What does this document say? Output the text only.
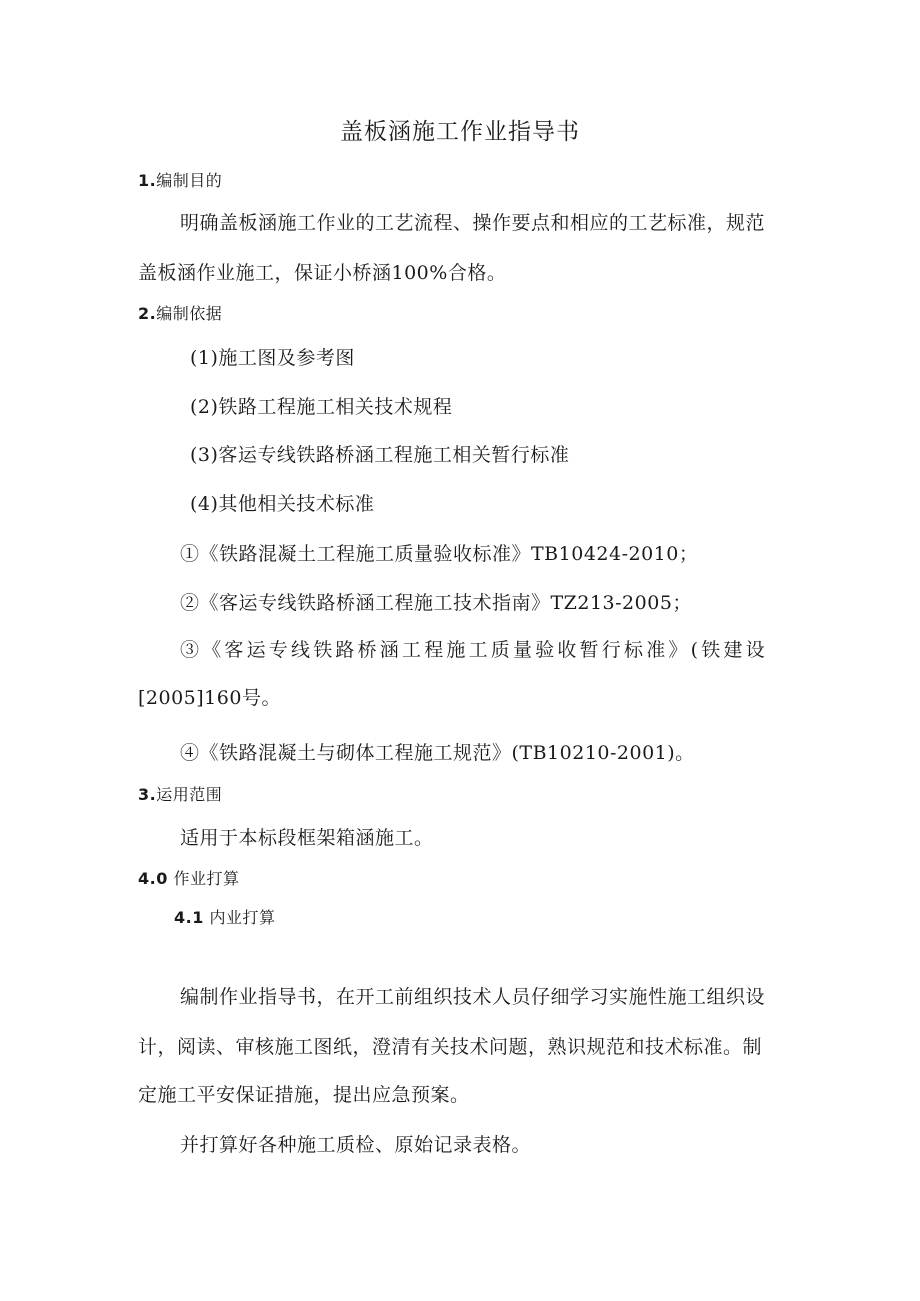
盖板涵施工作业指导书
1.编制目的
明确盖板涵施工作业的工艺流程、操作要点和相应的工艺标准，规范
盖板涵作业施工，保证小桥涵100%合格。
2.编制依据
(1)施工图及参考图
(2)铁路工程施工相关技术规程
(3)客运专线铁路桥涵工程施工相关暂行标准
(4)其他相关技术标准
①《铁路混凝土工程施工质量验收标准》TB10424-2010；
②《客运专线铁路桥涵工程施工技术指南》TZ213-2005；
③《客运专线铁路桥涵工程施工质量验收暂行标准》(铁建设
[2005]160号。
④《铁路混凝土与砌体工程施工规范》(TB10210-2001)。
3.运用范围
适用于本标段框架箱涵施工。
4.0 作业打算
4.1 内业打算
编制作业指导书，在开工前组织技术人员仔细学习实施性施工组织设
计，阅读、审核施工图纸，澄清有关技术问题，熟识规范和技术标准。制
定施工平安保证措施，提出应急预案。
并打算好各种施工质检、原始记录表格。
